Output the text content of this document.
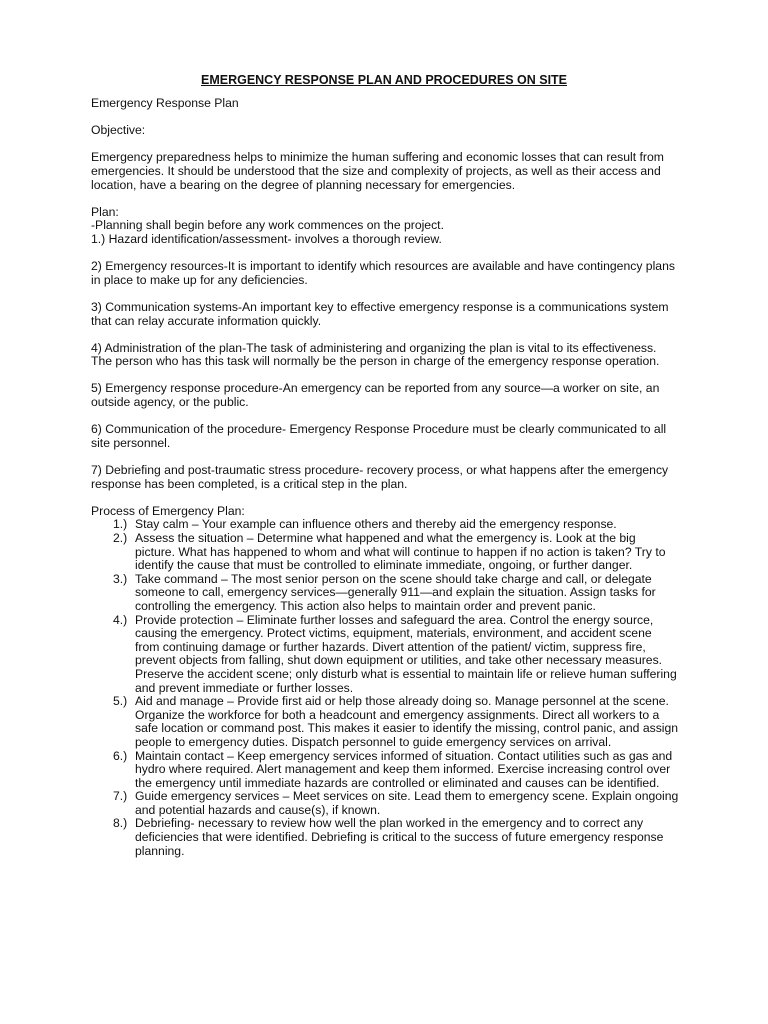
EMERGENCY RESPONSE PLAN AND PROCEDURES ON SITE

Emergency Response Plan

Objective:

Emergency preparedness helps to minimize the human suffering and economic losses that can result from emergencies. It should be understood that the size and complexity of projects, as well as their access and location, have a bearing on the degree of planning necessary for emergencies.

Plan:

-Planning shall begin before any work commences on the project.

1.) Hazard identification/assessment- involves a thorough review.

2) Emergency resources-It is important to identify which resources are available and have contingency plans in place to make up for any deficiencies.

3) Communication systems-An important key to effective emergency response is a communications system that can relay accurate information quickly.

4) Administration of the plan-The task of administering and organizing the plan is vital to its effectiveness. The person who has this task will normally be the person in charge of the emergency response operation.

5) Emergency response procedure-An emergency can be reported from any source—a worker on site, an outside agency, or the public.

6) Communication of the procedure- Emergency Response Procedure must be clearly communicated to all site personnel.

7) Debriefing and post-traumatic stress procedure- recovery process, or what happens after the emergency response has been completed, is a critical step in the plan.

Process of Emergency Plan:

1.) Stay calm – Your example can influence others and thereby aid the emergency response.
2.) Assess the situation – Determine what happened and what the emergency is. Look at the big picture. What has happened to whom and what will continue to happen if no action is taken? Try to identify the cause that must be controlled to eliminate immediate, ongoing, or further danger.
3.) Take command – The most senior person on the scene should take charge and call, or delegate someone to call, emergency services—generally 911—and explain the situation. Assign tasks for controlling the emergency. This action also helps to maintain order and prevent panic.
4.) Provide protection – Eliminate further losses and safeguard the area. Control the energy source, causing the emergency. Protect victims, equipment, materials, environment, and accident scene from continuing damage or further hazards. Divert attention of the patient/ victim, suppress fire, prevent objects from falling, shut down equipment or utilities, and take other necessary measures. Preserve the accident scene; only disturb what is essential to maintain life or relieve human suffering and prevent immediate or further losses.
5.) Aid and manage – Provide first aid or help those already doing so. Manage personnel at the scene. Organize the workforce for both a headcount and emergency assignments. Direct all workers to a safe location or command post. This makes it easier to identify the missing, control panic, and assign people to emergency duties. Dispatch personnel to guide emergency services on arrival.
6.) Maintain contact – Keep emergency services informed of situation. Contact utilities such as gas and hydro where required. Alert management and keep them informed. Exercise increasing control over the emergency until immediate hazards are controlled or eliminated and causes can be identified.
7.) Guide emergency services – Meet services on site. Lead them to emergency scene. Explain ongoing and potential hazards and cause(s), if known.
8.) Debriefing- necessary to review how well the plan worked in the emergency and to correct any deficiencies that were identified. Debriefing is critical to the success of future emergency response planning.
